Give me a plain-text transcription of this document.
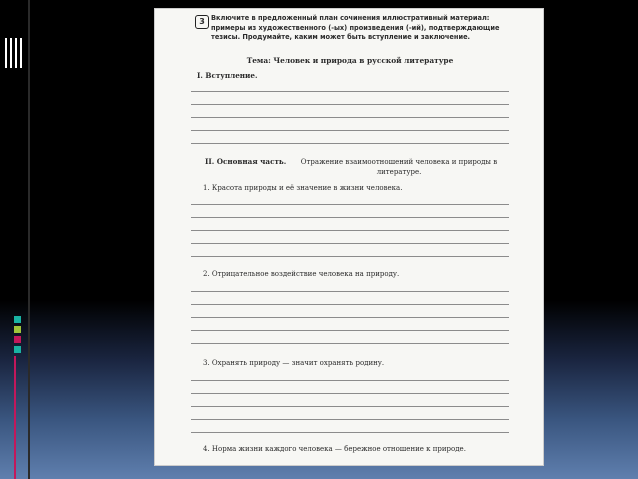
3 Включите в предложенный план сочинения иллюстративный материал: примеры из художественного (-ых) произведения (-ий), подтверждающие тезисы. Продумайте, каким может быть вступление и заключение.
Тема: Человек и природа в русской литературе
I. Вступление.
II. Основная часть.	Отражение взаимоотношений человека и природы в литературе.
1. Красота природы и её значение в жизни человека.
2. Отрицательное воздействие человека на природу.
3. Охранять природу — значит охранять родину.
4. Норма жизни каждого человека — бережное отношение к природе.
